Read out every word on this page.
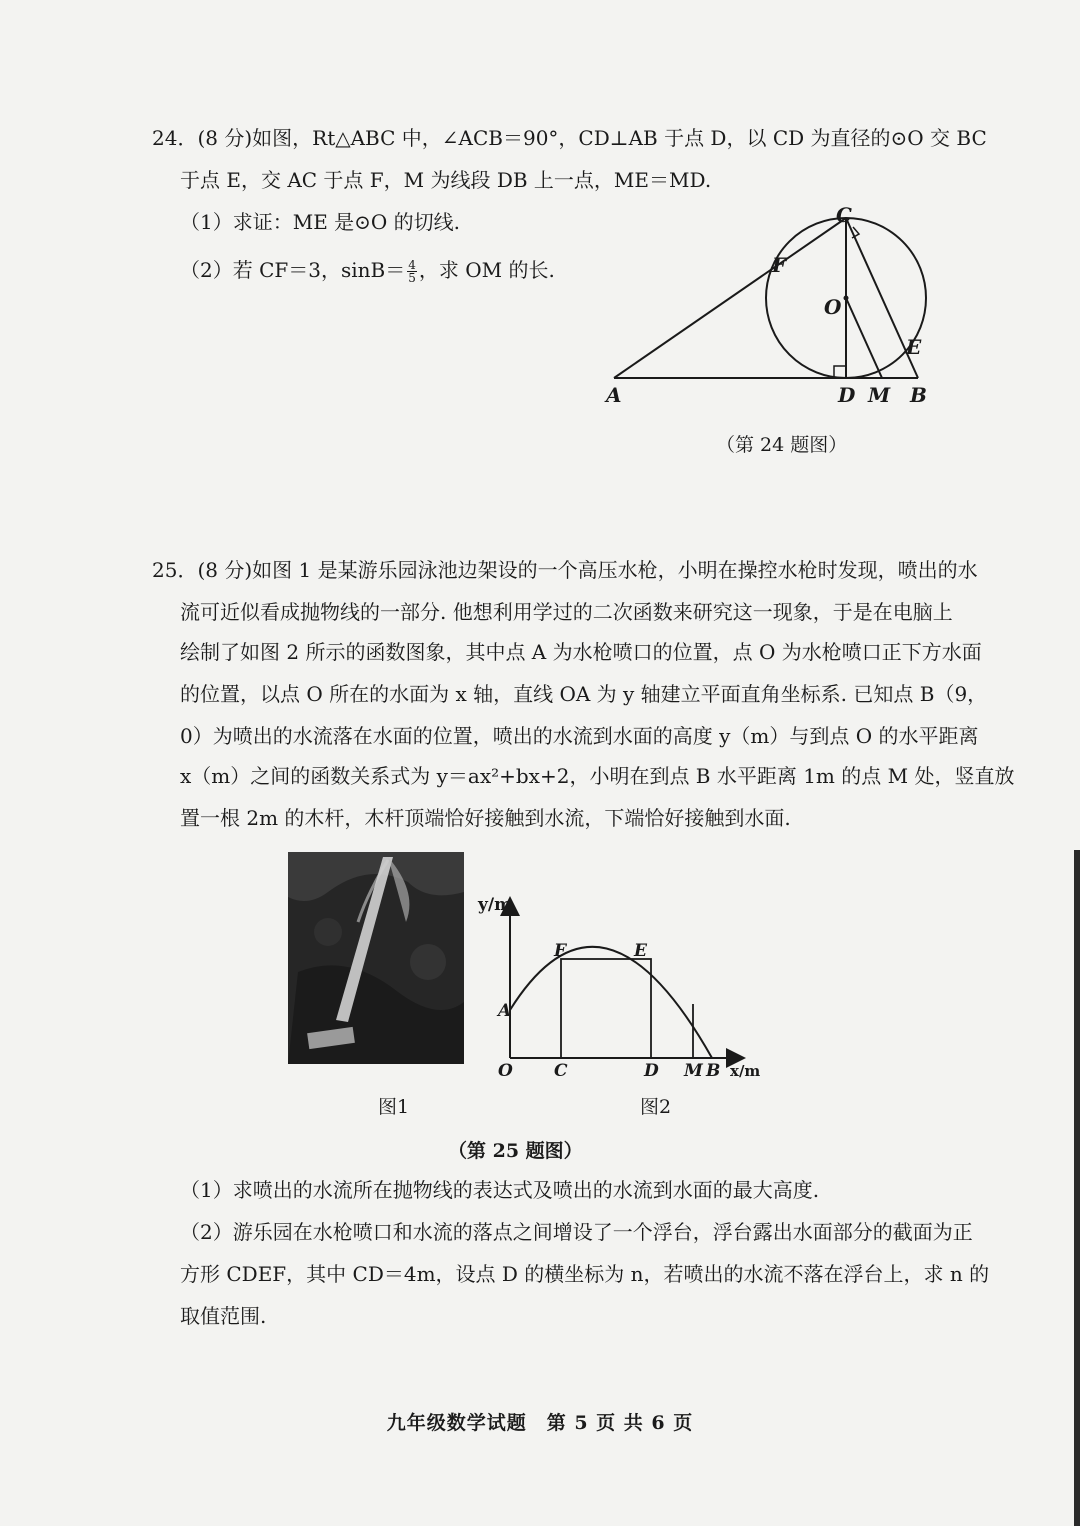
24．(8 分)如图，Rt△ABC 中，∠ACB＝90°，CD⊥AB 于点 D，以 CD 为直径的⊙O 交 BC
于点 E，交 AC 于点 F，M 为线段 DB 上一点，ME＝MD.
（1）求证：ME 是⊙O 的切线.
（2）若 CF＝3，$\sin B= \frac{4}{5}$ ，求 OM 的长.
C
F
O
E
A	D M B
（第 24 题图）
25．(8 分)如图 1 是某游乐园泳池边架设的一个高压水枪，小明在操控水枪时发现，喷出的水
流可近似看成抛物线的一部分. 他想利用学过的二次函数来研究这一现象，于是在电脑上
绘制了如图 2 所示的函数图象，其中点 A 为水枪喷口的位置，点 O 为水枪喷口正下方水面
的位置，以点 O 所在的水面为 x 轴，直线 OA 为 y 轴建立平面直角坐标系. 已知点 B（9，
0）为喷出的水流落在水面的位置，喷出的水流到水面的高度 y（m）与到点 O 的水平距离
x（m）之间的函数关系式为 y＝ax²+bx+2，小明在到点 B 水平距离 1m 的点 M 处，竖直放
置一根 2m 的木杆，木杆顶端恰好接触到水流，下端恰好接触到水面.
图1
y/m
A
F	E
O C	D M B x/m
图2
（第 25 题图）
（1）求喷出的水流所在抛物线的表达式及喷出的水流到水面的最大高度.
（2）游乐园在水枪喷口和水流的落点之间增设了一个浮台，浮台露出水面部分的截面为正
方形 CDEF，其中 CD＝4m，设点 D 的横坐标为 n，若喷出的水流不落在浮台上，求 n 的
取值范围.
九年级数学试题　第 5 页 共 6 页
